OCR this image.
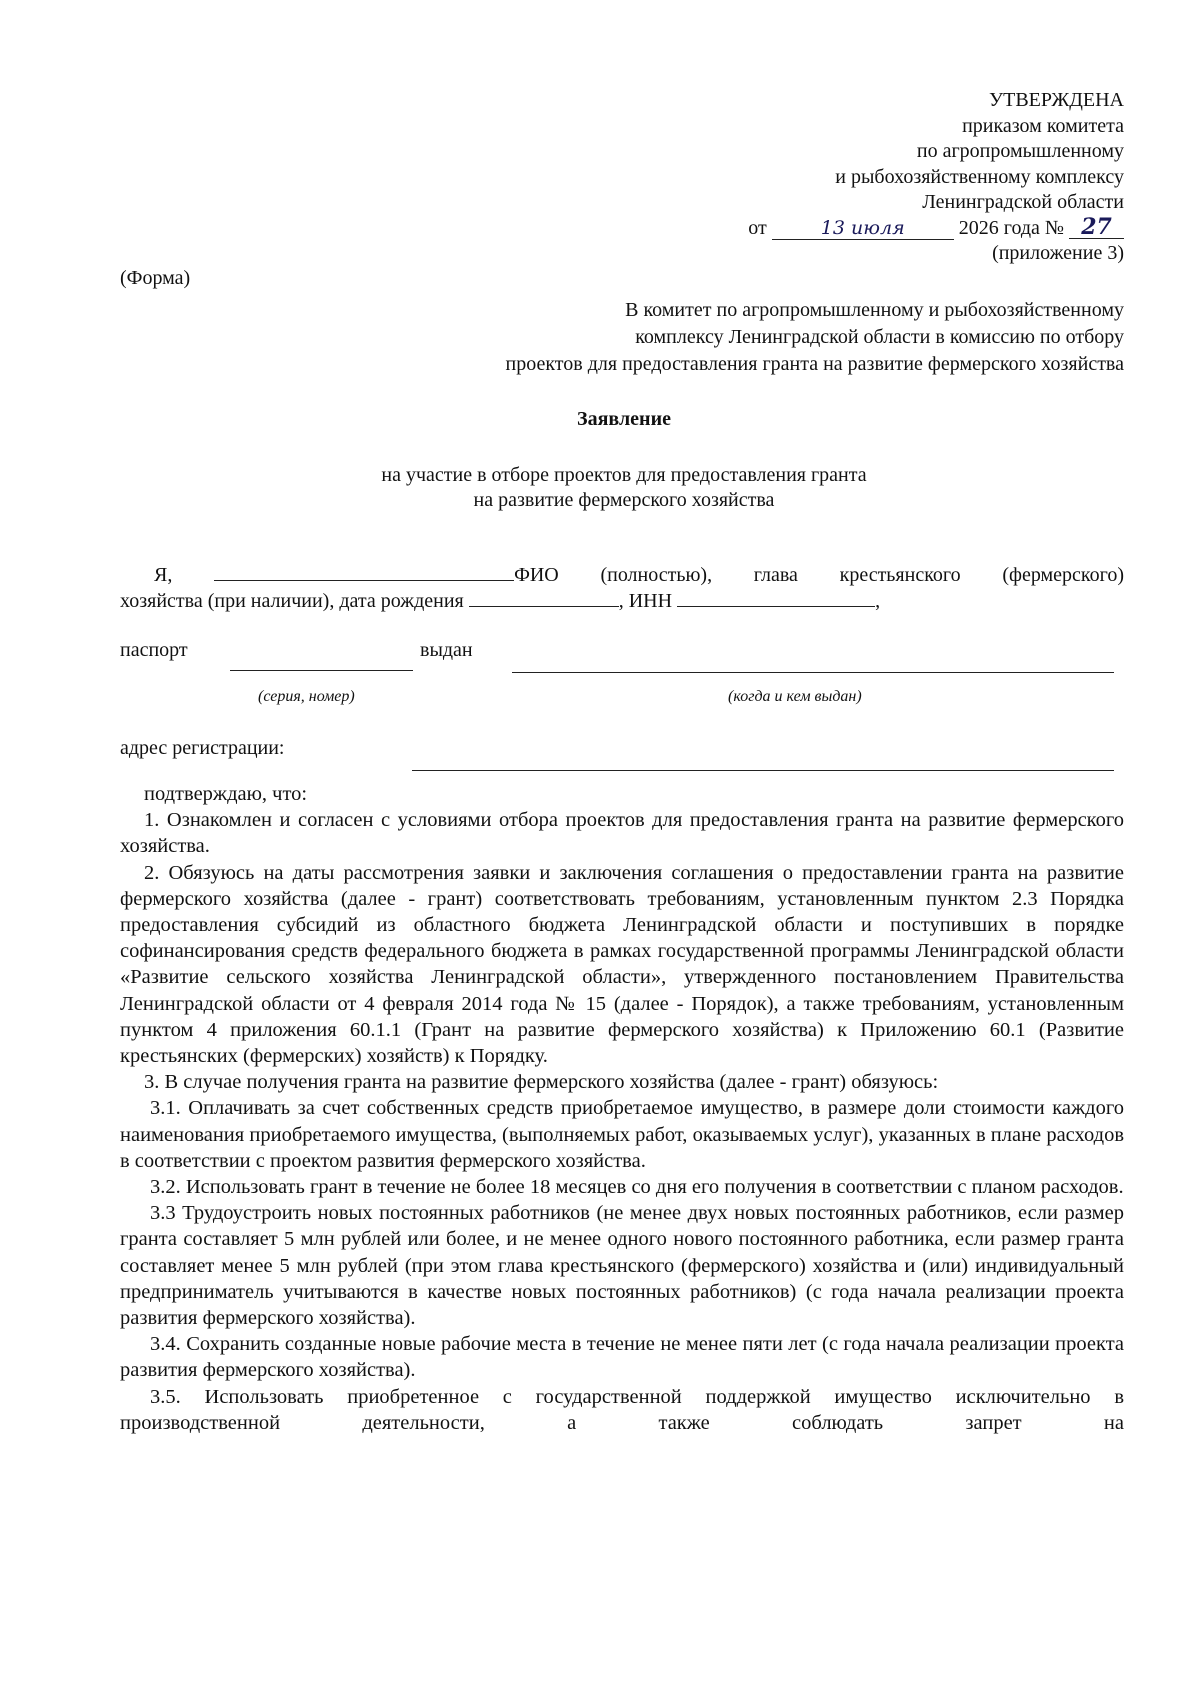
УТВЕРЖДЕНА
приказом комитета
по агропромышленному
и рыбохозяйственному комплексу
Ленинградской области
от	13 июля	2026 года № 27
(приложение 3)
(Форма)
В комитет по агропромышленному и рыбохозяйственному
комплексу Ленинградской области в комиссию по отбору
проектов для предоставления гранта на развитие фермерского хозяйства
Заявление
на участие в отборе проектов для предоставления гранта
на развитие фермерского хозяйства
Я,	ФИО (полностью), глава крестьянского (фермерского)
хозяйства (при наличии), дата рождения	, ИНН	,
паспорт	выдан
(серия, номер)	(когда и кем выдан)
адрес регистрации:

подтверждаю, что:

1. Ознакомлен и согласен с условиями отбора проектов для предоставления гранта на развитие фермерского хозяйства.

2. Обязуюсь на даты рассмотрения заявки и заключения соглашения о предоставлении гранта на развитие фермерского хозяйства (далее - грант) соответствовать требованиям, установленным пунктом 2.3 Порядка предоставления субсидий из областного бюджета Ленинградской области и поступивших в порядке софинансирования средств федерального бюджета в рамках государственной программы Ленинградской области «Развитие сельского хозяйства Ленинградской области», утвержденного постановлением Правительства Ленинградской области от 4 февраля 2014 года № 15 (далее - Порядок), а также требованиям, установленным пунктом 4 приложения 60.1.1 (Грант на развитие фермерского хозяйства) к Приложению 60.1 (Развитие крестьянских (фермерских) хозяйств) к Порядку.

3. В случае получения гранта на развитие фермерского хозяйства (далее - грант) обязуюсь:

3.1. Оплачивать за счет собственных средств приобретаемое имущество, в размере доли стоимости каждого наименования приобретаемого имущества, (выполняемых работ, оказываемых услуг), указанных в плане расходов в соответствии с проектом развития фермерского хозяйства.

3.2. Использовать грант в течение не более 18 месяцев со дня его получения в соответствии с планом расходов.

3.3 Трудоустроить новых постоянных работников (не менее двух новых постоянных работников, если размер гранта составляет 5 млн рублей или более, и не менее одного нового постоянного работника, если размер гранта составляет менее 5 млн рублей (при этом глава крестьянского (фермерского) хозяйства и (или) индивидуальный предприниматель учитываются в качестве новых постоянных работников) (с года начала реализации проекта развития фермерского хозяйства).

3.4. Сохранить созданные новые рабочие места в течение не менее пяти лет (с года начала реализации проекта развития фермерского хозяйства).

3.5. Использовать приобретенное с государственной поддержкой имущество исключительно в производственной деятельности, а также соблюдать запрет на
